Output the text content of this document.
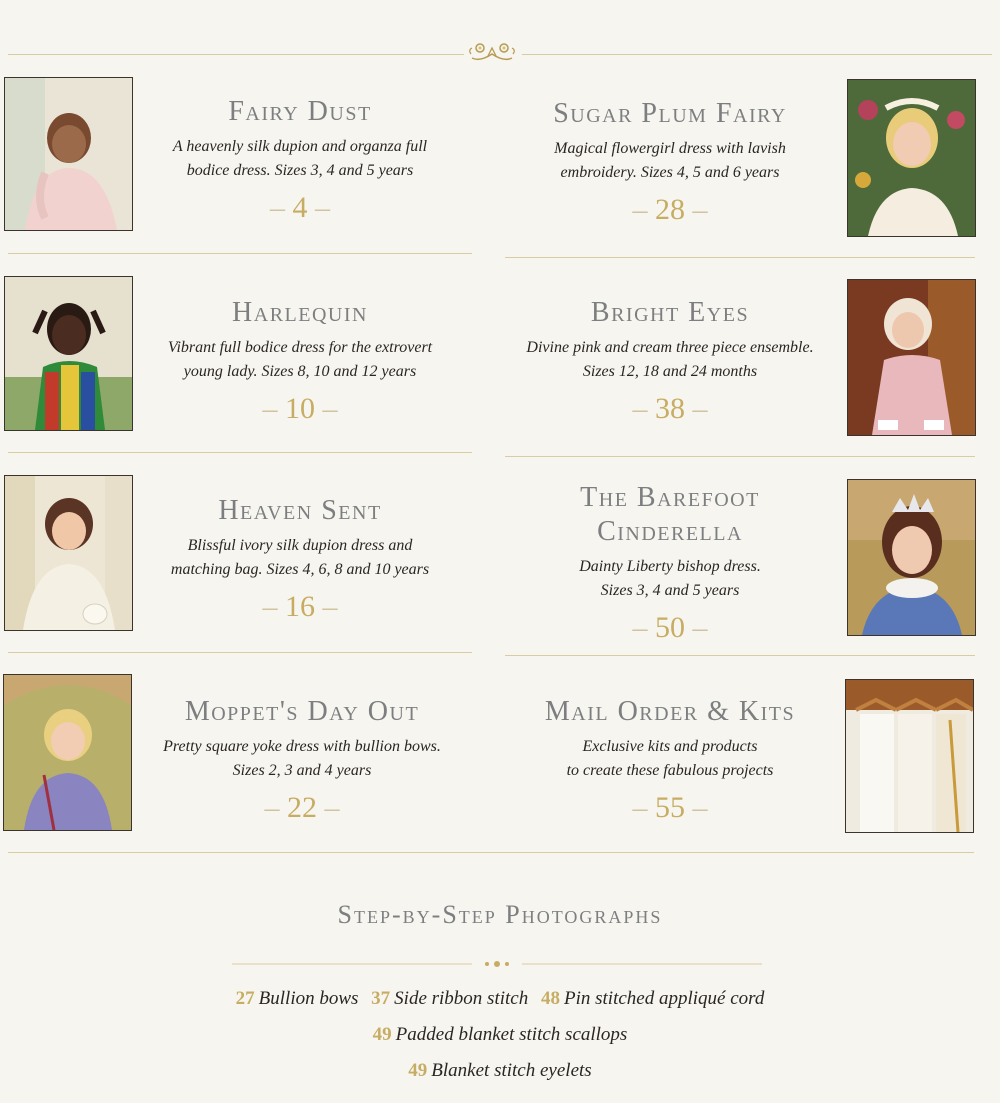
Fairy Dust
A heavenly silk dupion and organza full
bodice dress. Sizes 3, 4 and 5 years
– 4 –
Sugar Plum Fairy
Magical flowergirl dress with lavish
embroidery. Sizes 4, 5 and 6 years
– 28 –
Harlequin
Vibrant full bodice dress for the extrovert
young lady. Sizes 8, 10 and 12 years
– 10 –
Bright Eyes
Divine pink and cream three piece ensemble.
Sizes 12, 18 and 24 months
– 38 –
Heaven Sent
Blissful ivory silk dupion dress and
matching bag. Sizes 4, 6, 8 and 10 years
– 16 –
The Barefoot
Cinderella
Dainty Liberty bishop dress.
Sizes 3, 4 and 5 years
– 50 –
Moppet's Day Out
Pretty square yoke dress with bullion bows.
Sizes 2, 3 and 4 years
– 22 –
Mail Order & Kits
Exclusive kits and products
to create these fabulous projects
– 55 –
Step-by-Step Photographs
27 Bullion bows 37 Side ribbon stitch 48 Pin stitched appliqué cord
49 Padded blanket stitch scallops
49 Blanket stitch eyelets
